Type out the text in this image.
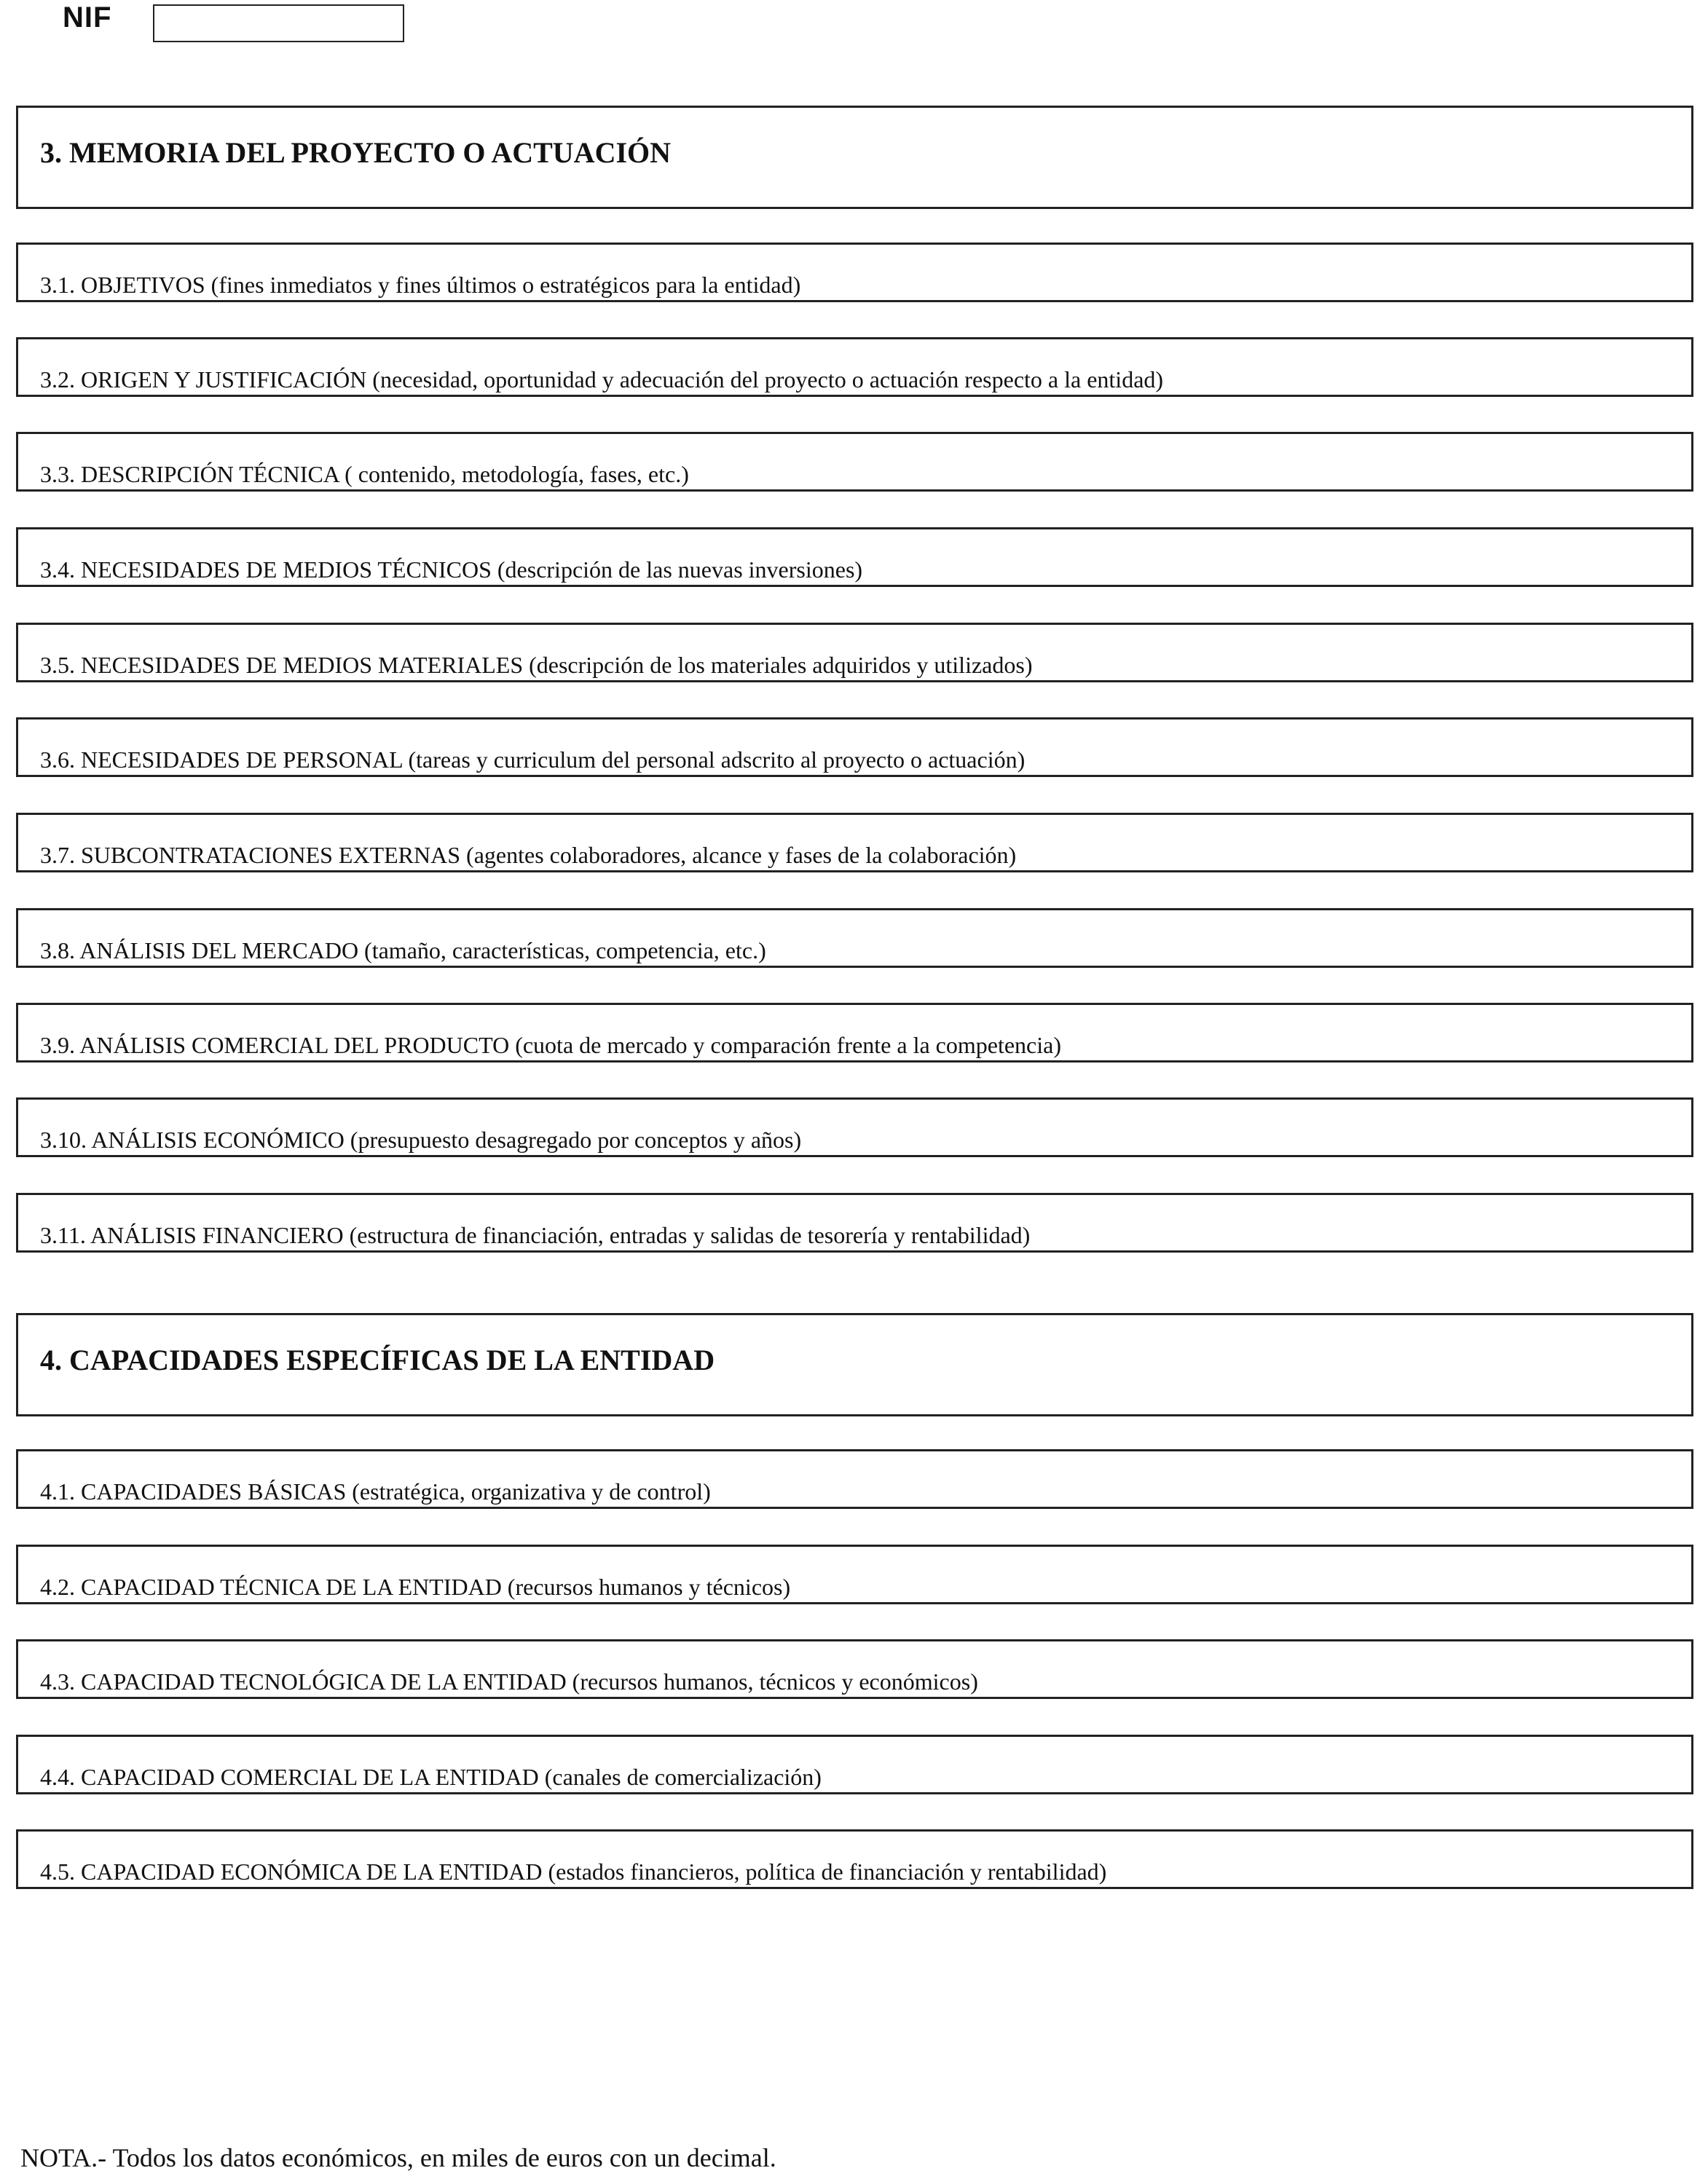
NIF
3. MEMORIA DEL PROYECTO O ACTUACIÓN
3.1. OBJETIVOS (fines inmediatos y fines últimos o estratégicos para la entidad)
3.2. ORIGEN Y JUSTIFICACIÓN (necesidad, oportunidad y adecuación del proyecto o actuación respecto a la entidad)
3.3. DESCRIPCIÓN TÉCNICA ( contenido, metodología, fases, etc.)
3.4. NECESIDADES DE MEDIOS TÉCNICOS (descripción de las nuevas inversiones)
3.5. NECESIDADES DE MEDIOS MATERIALES (descripción de los materiales adquiridos y utilizados)
3.6. NECESIDADES DE PERSONAL (tareas y curriculum del personal adscrito al proyecto o actuación)
3.7. SUBCONTRATACIONES EXTERNAS (agentes colaboradores, alcance y fases de la colaboración)
3.8. ANÁLISIS DEL MERCADO (tamaño, características, competencia, etc.)
3.9. ANÁLISIS COMERCIAL DEL PRODUCTO (cuota de mercado y comparación frente a la competencia)
3.10. ANÁLISIS ECONÓMICO (presupuesto desagregado por conceptos y años)
3.11. ANÁLISIS FINANCIERO (estructura de financiación, entradas y salidas de tesorería y rentabilidad)
4. CAPACIDADES ESPECÍFICAS DE LA ENTIDAD
4.1. CAPACIDADES BÁSICAS (estratégica, organizativa y de control)
4.2. CAPACIDAD TÉCNICA DE LA ENTIDAD (recursos humanos y técnicos)
4.3. CAPACIDAD TECNOLÓGICA DE LA ENTIDAD (recursos humanos, técnicos y económicos)
4.4. CAPACIDAD COMERCIAL DE LA ENTIDAD (canales de comercialización)
4.5. CAPACIDAD ECONÓMICA DE LA ENTIDAD (estados financieros, política de financiación y rentabilidad)
NOTA.- Todos los datos económicos, en miles de euros con un decimal.
